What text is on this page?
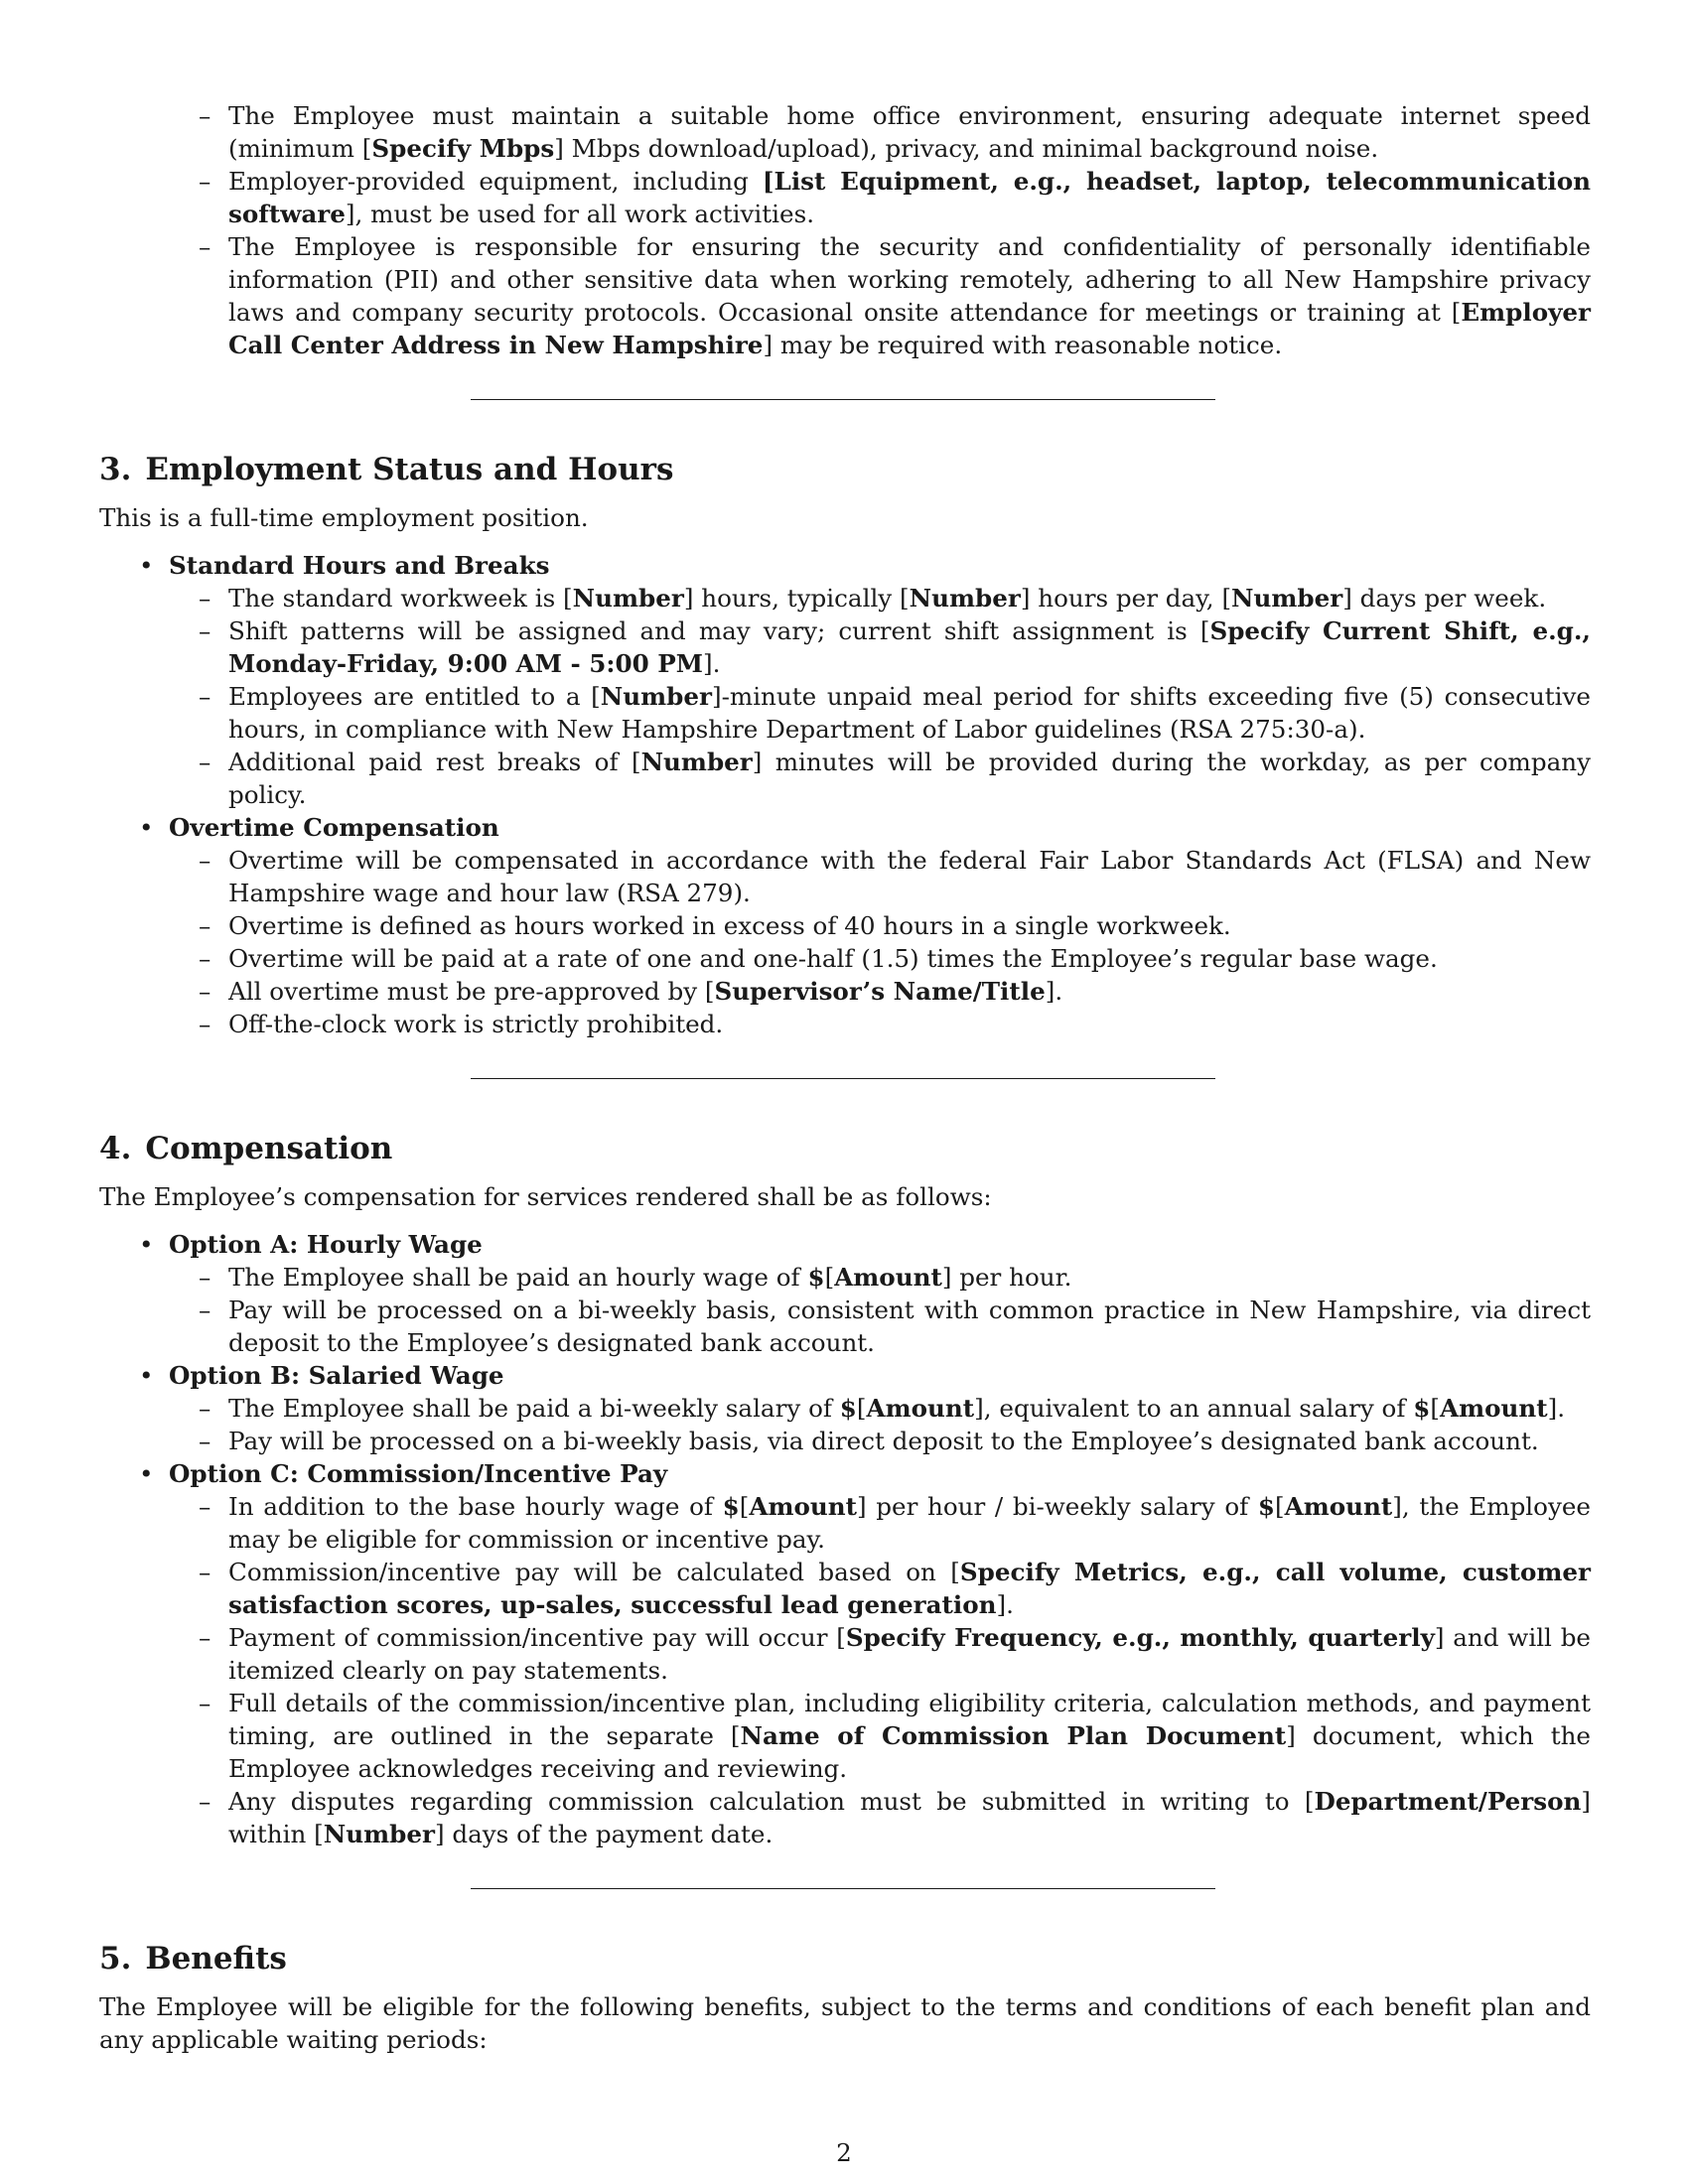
– The Employee must maintain a suitable home office environment, ensuring adequate internet speed (minimum [Specify Mbps] Mbps download/upload), privacy, and minimal background noise.
– Employer-provided equipment, including [List Equipment, e.g., headset, laptop, telecommunication software], must be used for all work activities.
– The Employee is responsible for ensuring the security and confidentiality of personally identifiable information (PII) and other sensitive data when working remotely, adhering to all New Hampshire privacy laws and company security protocols. Occasional onsite attendance for meetings or training at [Employer Call Center Address in New Hampshire] may be required with reasonable notice.
3. Employment Status and Hours

This is a full-time employment position.

• Standard Hours and Breaks
– The standard workweek is [Number] hours, typically [Number] hours per day, [Number] days per week.
– Shift patterns will be assigned and may vary; current shift assignment is [Specify Current Shift, e.g., Monday-Friday, 9:00 AM - 5:00 PM].
– Employees are entitled to a [Number]-minute unpaid meal period for shifts exceeding five (5) consecutive hours, in compliance with New Hampshire Department of Labor guidelines (RSA 275:30-a).
– Additional paid rest breaks of [Number] minutes will be provided during the workday, as per company policy.
• Overtime Compensation
– Overtime will be compensated in accordance with the federal Fair Labor Standards Act (FLSA) and New Hampshire wage and hour law (RSA 279).
– Overtime is defined as hours worked in excess of 40 hours in a single workweek.
– Overtime will be paid at a rate of one and one-half (1.5) times the Employee’s regular base wage.
– All overtime must be pre-approved by [Supervisor’s Name/Title].
– Off-the-clock work is strictly prohibited.
4. Compensation

The Employee’s compensation for services rendered shall be as follows:

• Option A: Hourly Wage
– The Employee shall be paid an hourly wage of $[Amount] per hour.
– Pay will be processed on a bi-weekly basis, consistent with common practice in New Hampshire, via direct deposit to the Employee’s designated bank account.
• Option B: Salaried Wage
– The Employee shall be paid a bi-weekly salary of $[Amount], equivalent to an annual salary of $[Amount].
– Pay will be processed on a bi-weekly basis, via direct deposit to the Employee’s designated bank account.
• Option C: Commission/Incentive Pay
– In addition to the base hourly wage of $[Amount] per hour / bi-weekly salary of $[Amount], the Employee may be eligible for commission or incentive pay.
– Commission/incentive pay will be calculated based on [Specify Metrics, e.g., call volume, customer satisfaction scores, up-sales, successful lead generation].
– Payment of commission/incentive pay will occur [Specify Frequency, e.g., monthly, quarterly] and will be itemized clearly on pay statements.
– Full details of the commission/incentive plan, including eligibility criteria, calculation methods, and payment timing, are outlined in the separate [Name of Commission Plan Document] document, which the Employee acknowledges receiving and reviewing.
– Any disputes regarding commission calculation must be submitted in writing to [Department/Person] within [Number] days of the payment date.
5. Benefits

The Employee will be eligible for the following benefits, subject to the terms and conditions of each benefit plan and any applicable waiting periods:

2
